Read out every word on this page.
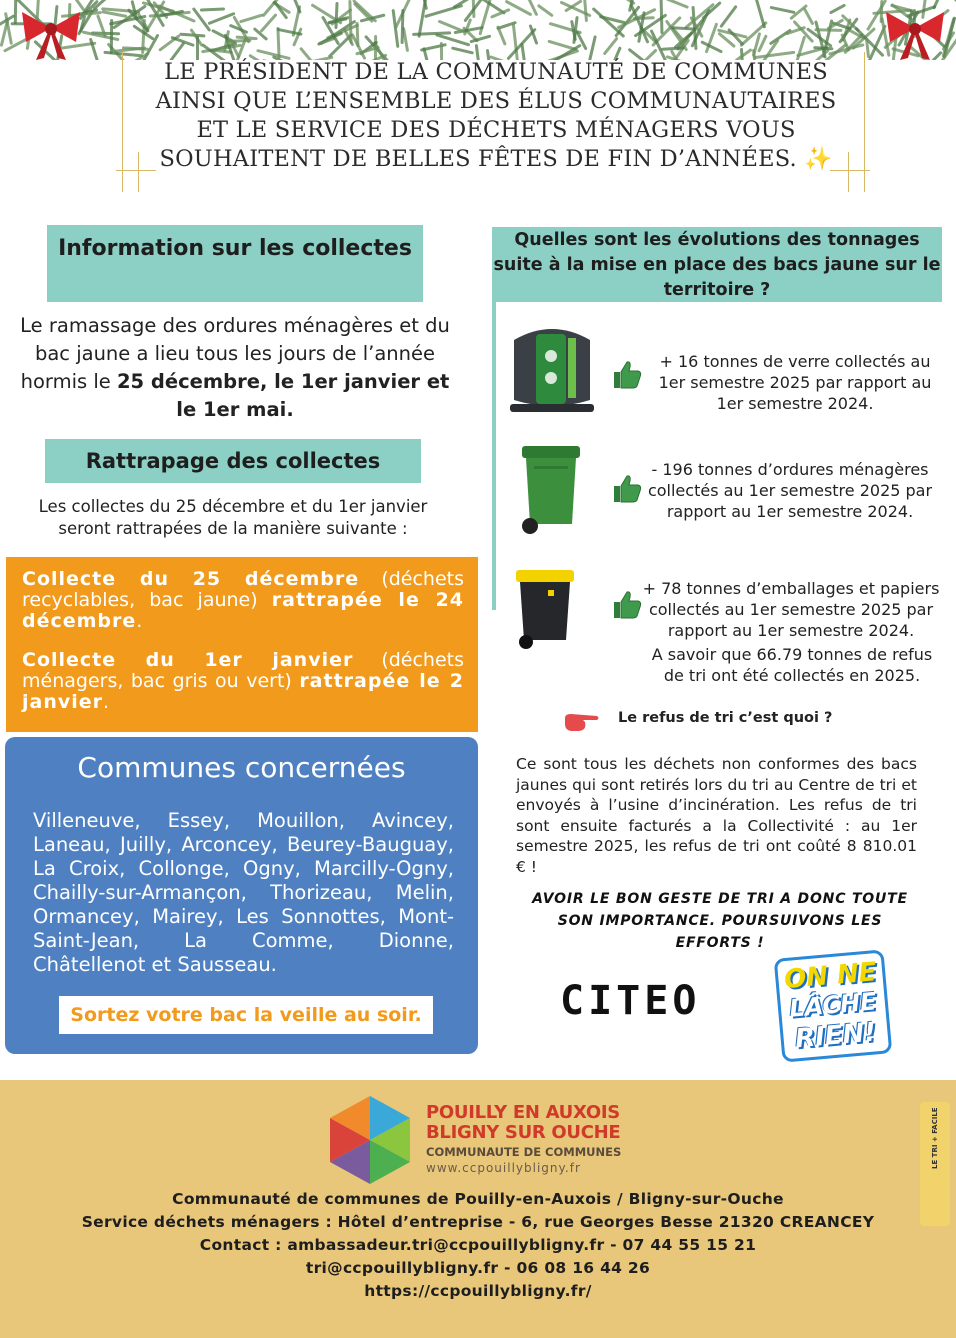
LE PRÉSIDENT DE LA COMMUNAUTÉ DE COMMUNES AINSI QUE L’ENSEMBLE DES ÉLUS COMMUNAUTAIRES ET LE SERVICE DES DÉCHETS MÉNAGERS VOUS SOUHAITENT DE BELLES FÊTES DE FIN D’ANNÉES. ✨
Information sur les collectes
Le ramassage des ordures ménagères et du bac jaune a lieu tous les jours de l’année hormis le 25 décembre, le 1er janvier et le 1er mai.
Rattrapage des collectes
Les collectes du 25 décembre et du 1er janvier seront rattrapées de la manière suivante :

Collecte du 25 décembre (déchets recyclables, bac jaune) rattrapée le 24 décembre.

Collecte du 1er janvier (déchets ménagers, bac gris ou vert) rattrapée le 2 janvier.

Communes concernées
Villeneuve, Essey, Mouillon, Avincey, Laneau, Juilly, Arconcey, Beurey-Bauguay, La Croix, Collonge, Ogny, Marcilly-Ogny, Chailly-sur-Armançon, Thorizeau, Melin, Ormancey, Mairey, Les Sonnottes, Mont-Saint-Jean, La Comme, Dionne, Châtellenot et Sausseau.
Sortez votre bac la veille au soir.
Quelles sont les évolutions des tonnages suite à la mise en place des bacs jaune sur le territoire ?
+ 16 tonnes de verre collectés au 1er semestre 2025 par rapport au 1er semestre 2024.
- 196 tonnes d’ordures ménagères collectés au 1er semestre 2025 par rapport au 1er semestre 2024.
+ 78 tonnes d’emballages et papiers collectés au 1er semestre 2025 par rapport au 1er semestre 2024.
A savoir que 66.79 tonnes de refus de tri ont été collectés en 2025.
Le refus de tri c’est quoi ?
Ce sont tous les déchets non conformes des bacs jaunes qui sont retirés lors du tri au Centre de tri et envoyés à l’usine d’incinération. Les refus de tri sont ensuite facturés a la Collectivité : au 1er semestre 2025, les refus de tri ont coûté 8 810.01 € !
AVOIR LE BON GESTE DE TRI A DONC TOUTE SON IMPORTANCE. POURSUIVONS LES EFFORTS !
CITEO
ON NE
LÂCHE
RIEN!
POUILLY EN AUXOIS
BLIGNY SUR OUCHE
COMMUNAUTE DE COMMUNES
www.ccpouillybligny.fr
Communauté de communes de Pouilly-en-Auxois / Bligny-sur-Ouche
Service déchets ménagers : Hôtel d’entreprise - 6, rue Georges Besse 21320 CREANCEY
Contact : ambassadeur.tri@ccpouillybligny.fr - 07 44 55 15 21
tri@ccpouillybligny.fr - 06 08 16 44 26
https://ccpouillybligny.fr/
LE TRI + FACILE
